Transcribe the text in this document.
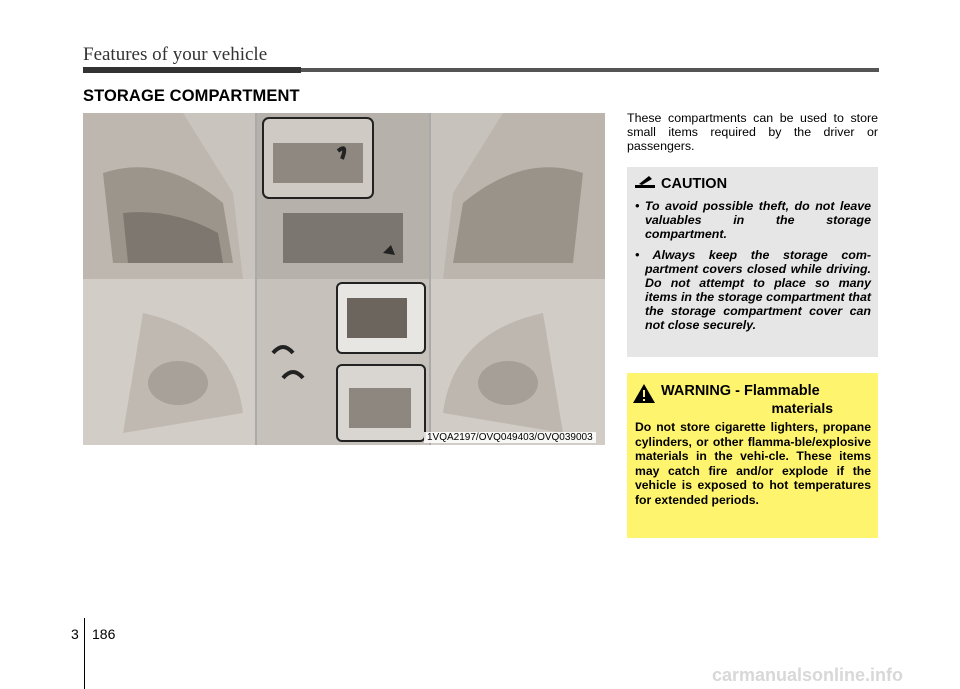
Features of your vehicle
STORAGE COMPARTMENT
1VQA2197/OVQ049403/OVQ039003
These compartments can be used to store small items required by the driver or passengers.
CAUTION
• To avoid possible theft, do not leave valuables in the storage compartment.
• Always keep the storage com-partment covers closed while driving. Do not attempt to place so many items in the storage compartment that the storage compartment cover can not close securely.
WARNING - Flammable
materials
Do not store cigarette lighters, propane cylinders, or other flamma-ble/explosive materials in the vehi-cle. These items may catch fire and/or explode if the vehicle is exposed to hot temperatures for extended periods.
3 186
carmanualsonline.info
